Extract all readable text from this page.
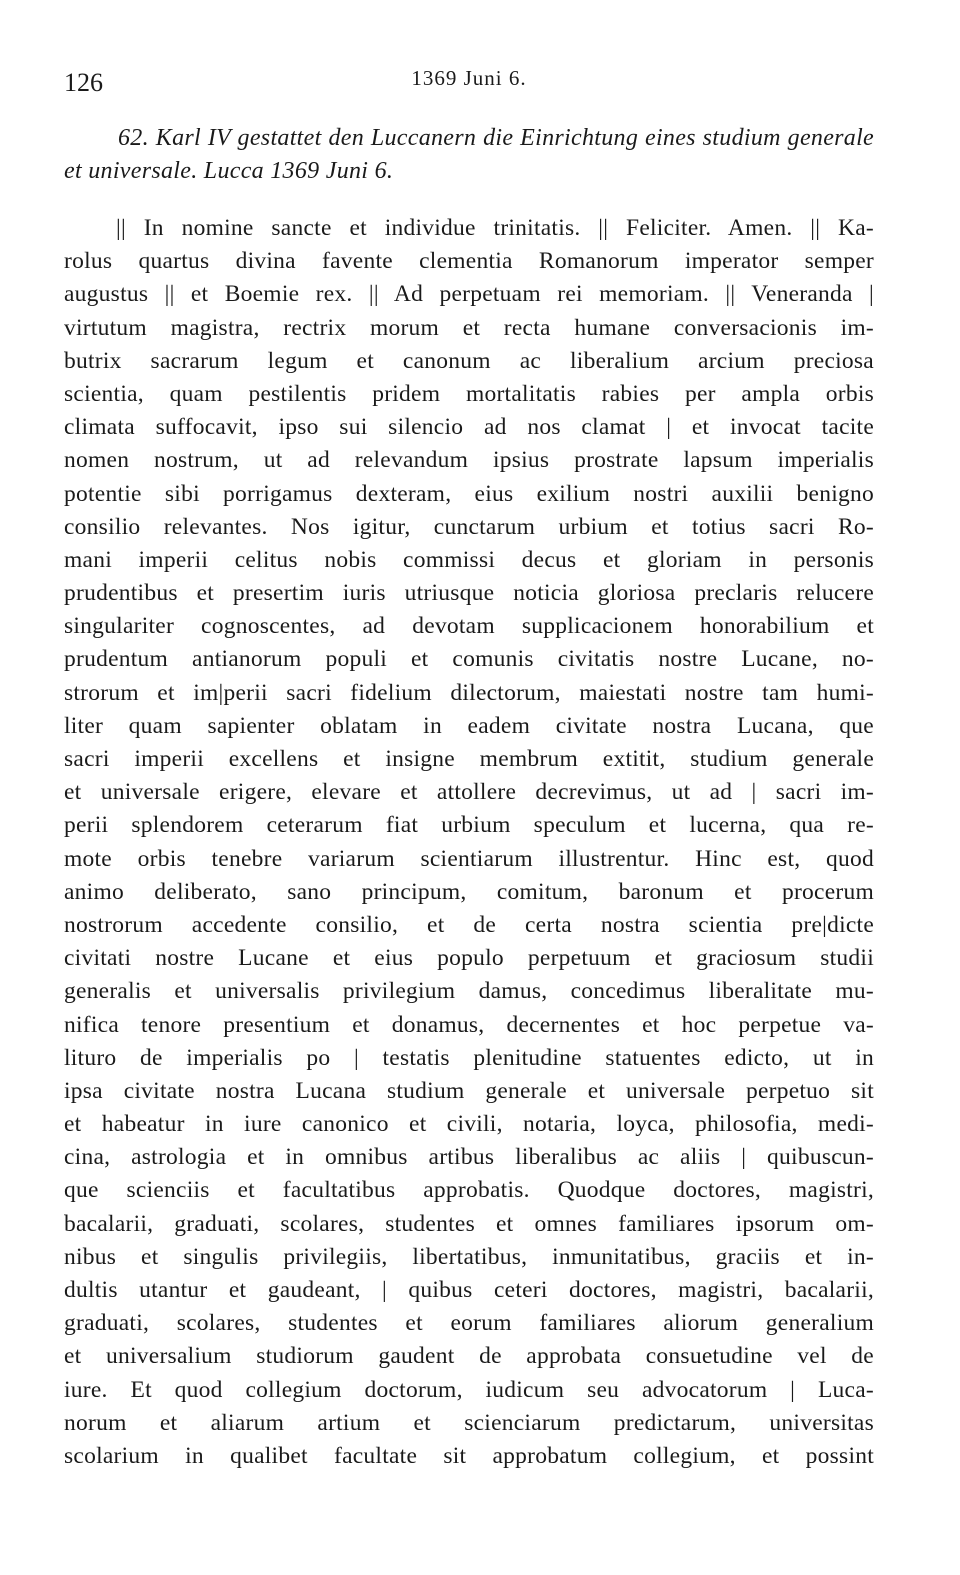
126	1369 Juni 6.
62. Karl IV gestattet den Luccanern die Einrichtung eines studium generale et universale. Lucca 1369 Juni 6.
|| In nomine sancte et individue trinitatis. || Feliciter. Amen. || Ka-
rolus quartus divina favente clementia Romanorum imperator semper
augustus || et Boemie rex. || Ad perpetuam rei memoriam. || Veneranda |
virtutum magistra, rectrix morum et recta humane conversacionis im-
butrix sacrarum legum et canonum ac liberalium arcium preciosa
scientia, quam pestilentis pridem mortalitatis rabies per ampla orbis
climata suffocavit, ipso sui silencio ad nos clamat | et invocat tacite
nomen nostrum, ut ad relevandum ipsius prostrate lapsum imperialis
potentie sibi porrigamus dexteram, eius exilium nostri auxilii benigno
consilio relevantes. Nos igitur, cunctarum urbium et totius sacri Ro-
mani imperii celitus nobis commissi decus et gloriam in personis
prudentibus et presertim iuris utriusque noticia gloriosa preclaris relucere
singulariter cognoscentes, ad devotam supplicacionem honorabilium et
prudentum antianorum populi et comunis civitatis nostre Lucane, no-
strorum et im|perii sacri fidelium dilectorum, maiestati nostre tam humi-
liter quam sapienter oblatam in eadem civitate nostra Lucana, que
sacri imperii excellens et insigne membrum extitit, studium generale
et universale erigere, elevare et attollere decrevimus, ut ad | sacri im-
perii splendorem ceterarum fiat urbium speculum et lucerna, qua re-
mote orbis tenebre variarum scientiarum illustrentur. Hinc est, quod
animo deliberato, sano principum, comitum, baronum et procerum
nostrorum accedente consilio, et de certa nostra scientia pre|dicte
civitati nostre Lucane et eius populo perpetuum et graciosum studii
generalis et universalis privilegium damus, concedimus liberalitate mu-
nifica tenore presentium et donamus, decernentes et hoc perpetue va-
lituro de imperialis po | testatis plenitudine statuentes edicto, ut in
ipsa civitate nostra Lucana studium generale et universale perpetuo sit
et habeatur in iure canonico et civili, notaria, loyca, philosofia, medi-
cina, astrologia et in omnibus artibus liberalibus ac aliis | quibuscun-
que scienciis et facultatibus approbatis. Quodque doctores, magistri,
bacalarii, graduati, scolares, studentes et omnes familiares ipsorum om-
nibus et singulis privilegiis, libertatibus, inmunitatibus, graciis et in-
dultis utantur et gaudeant, | quibus ceteri doctores, magistri, bacalarii,
graduati, scolares, studentes et eorum familiares aliorum generalium
et universalium studiorum gaudent de approbata consuetudine vel de
iure. Et quod collegium doctorum, iudicum seu advocatorum | Luca-
norum et aliarum artium et scienciarum predictarum, universitas
scolarium in qualibet facultate sit approbatum collegium, et possint
